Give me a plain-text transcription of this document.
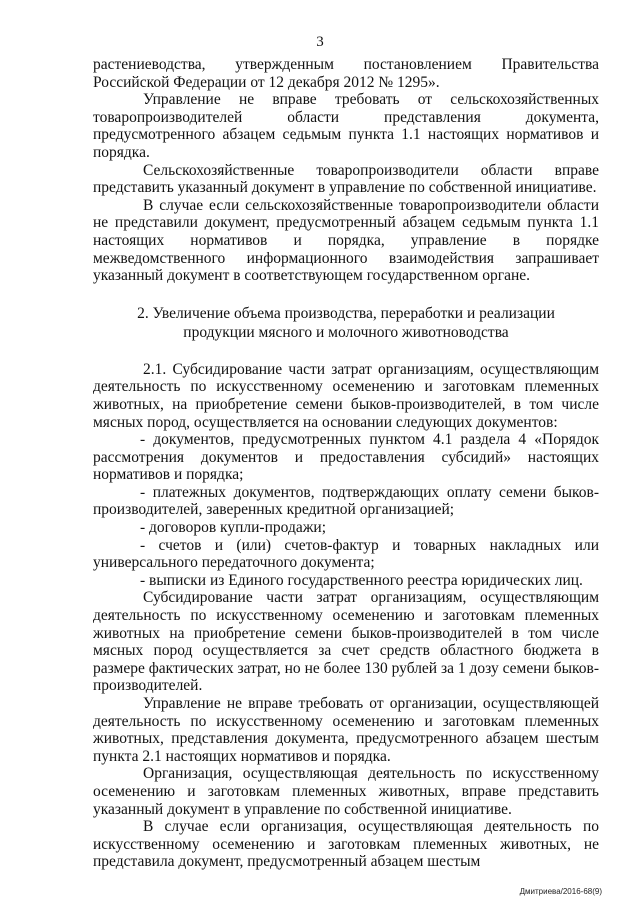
3

растениеводства, утвержденным постановлением Правительства Российской Федерации от 12 декабря 2012 № 1295».

Управление не вправе требовать от сельскохозяйственных товаропроизводителей области представления документа, предусмотренного абзацем седьмым пункта 1.1 настоящих нормативов и порядка.

Сельскохозяйственные товаропроизводители области вправе представить указанный документ в управление по собственной инициативе.

В случае если сельскохозяйственные товаропроизводители области не представили документ, предусмотренный абзацем седьмым пункта 1.1 настоящих нормативов и порядка, управление в порядке межведомственного информационного взаимодействия запрашивает указанный документ в соответствующем государственном органе.

2. Увеличение объема производства, переработки и реализации
продукции мясного и молочного животноводства

2.1. Субсидирование части затрат организациям, осуществляющим деятельность по искусственному осеменению и заготовкам племенных животных, на приобретение семени быков-производителей, в том числе мясных пород, осуществляется на основании следующих документов:

- документов, предусмотренных пунктом 4.1 раздела 4 «Порядок рассмотрения документов и предоставления субсидий» настоящих нормативов и порядка;

- платежных документов, подтверждающих оплату семени быков-производителей, заверенных кредитной организацией;

- договоров купли-продажи;

- счетов и (или) счетов-фактур и товарных накладных или универсального передаточного документа;

- выписки из Единого государственного реестра юридических лиц.

Субсидирование части затрат организациям, осуществляющим деятельность по искусственному осеменению и заготовкам племенных животных на приобретение семени быков-производителей в том числе мясных пород осуществляется за счет средств областного бюджета в размере фактических затрат, но не более 130 рублей за 1 дозу семени быков-производителей.

Управление не вправе требовать от организации, осуществляющей деятельность по искусственному осеменению и заготовкам племенных животных, представления документа, предусмотренного абзацем шестым пункта 2.1 настоящих нормативов и порядка.

Организация, осуществляющая деятельность по искусственному осеменению и заготовкам племенных животных, вправе представить указанный документ в управление по собственной инициативе.

В случае если организация, осуществляющая деятельность по искусственному осеменению и заготовкам племенных животных, не представила документ, предусмотренный абзацем шестым

Дмитриева/2016-68(9)
